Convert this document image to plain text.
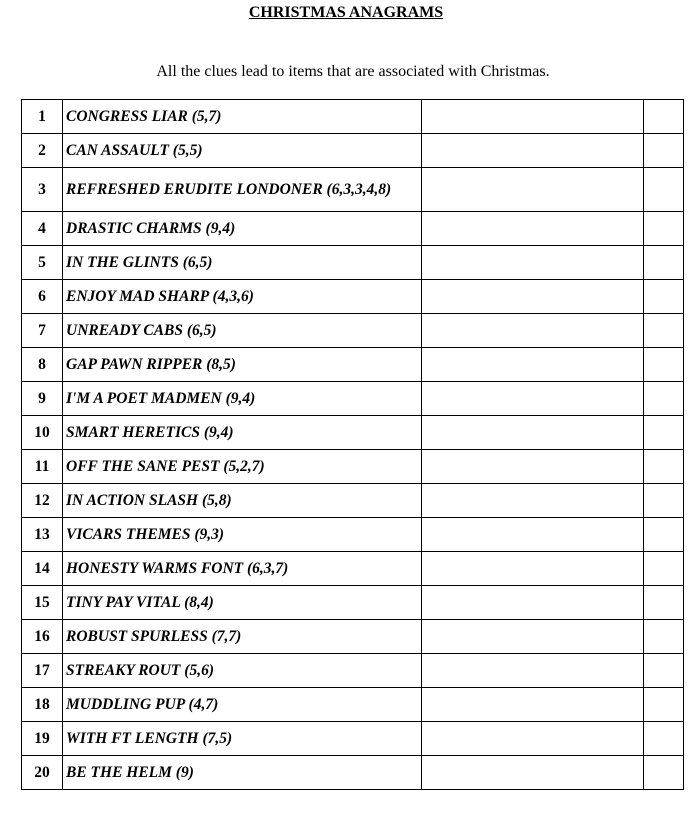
CHRISTMAS ANAGRAMS
All the clues lead to items that are associated with Christmas.
1	CONGRESS LIAR (5,7)		
2	CAN ASSAULT (5,5)		
3	REFRESHED ERUDITE LONDONER (6,3,3,4,8)		
4	DRASTIC CHARMS (9,4)		
5	IN THE GLINTS (6,5)		
6	ENJOY MAD SHARP (4,3,6)		
7	UNREADY CABS (6,5)		
8	GAP PAWN RIPPER (8,5)		
9	I'M A POET MADMEN (9,4)		
10	SMART HERETICS (9,4)		
11	OFF THE SANE PEST (5,2,7)		
12	IN ACTION SLASH (5,8)		
13	VICARS THEMES (9,3)		
14	HONESTY WARMS FONT (6,3,7)		
15	TINY PAY VITAL (8,4)		
16	ROBUST SPURLESS (7,7)		
17	STREAKY ROUT (5,6)		
18	MUDDLING PUP (4,7)		
19	WITH FT LENGTH (7,5)		
20	BE THE HELM (9)		
